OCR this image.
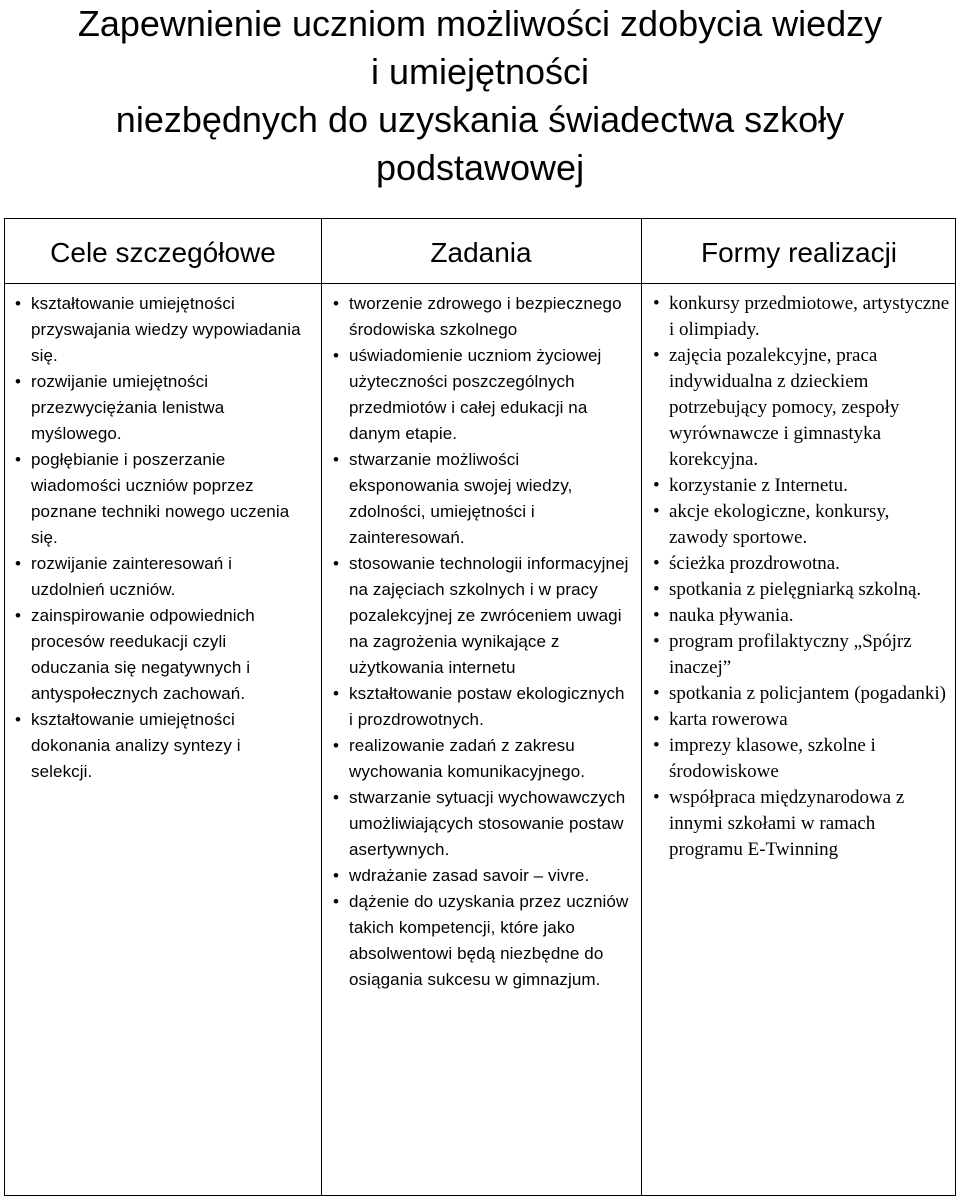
Zapewnienie uczniom możliwości zdobycia wiedzy
i umiejętności
niezbędnych do uzyskania świadectwa szkoły
podstawowej
Cele szczegółowe	Zadania	Formy realizacji
• kształtowanie umiejętności przyswajania wiedzy wypowiadania się.
• rozwijanie umiejętności przezwyciężania lenistwa myślowego.
• pogłębianie i poszerzanie wiadomości uczniów poprzez poznane techniki nowego uczenia się.
• rozwijanie zainteresowań i uzdolnień uczniów.
• zainspirowanie odpowiednich procesów reedukacji czyli oduczania się negatywnych i antyspołecznych zachowań.
• kształtowanie umiejętności dokonania analizy syntezy i selekcji.
• tworzenie zdrowego i bezpiecznego środowiska szkolnego
• uświadomienie uczniom życiowej użyteczności poszczególnych przedmiotów i całej edukacji na danym etapie.
• stwarzanie możliwości eksponowania swojej wiedzy, zdolności, umiejętności i zainteresowań.
• stosowanie technologii informacyjnej na zajęciach szkolnych i w pracy pozalekcyjnej ze zwróceniem uwagi na zagrożenia wynikające z użytkowania internetu
• kształtowanie postaw ekologicznych i prozdrowotnych.
• realizowanie zadań z zakresu wychowania komunikacyjnego.
• stwarzanie sytuacji wychowawczych umożliwiających stosowanie postaw asertywnych.
• wdrażanie zasad savoir – vivre.
• dążenie do uzyskania przez uczniów takich kompetencji, które jako absolwentowi będą niezbędne do osiągania sukcesu w gimnazjum.
• konkursy przedmiotowe, artystyczne i olimpiady.
• zajęcia pozalekcyjne, praca indywidualna z dzieckiem potrzebujący pomocy, zespoły wyrównawcze i gimnastyka korekcyjna.
• korzystanie z Internetu.
• akcje ekologiczne, konkursy, zawody sportowe.
• ścieżka prozdrowotna.
• spotkania z pielęgniarką szkolną.
• nauka pływania.
• program profilaktyczny „Spójrz inaczej”
• spotkania z policjantem (pogadanki)
• karta rowerowa
• imprezy klasowe, szkolne i środowiskowe
• współpraca międzynarodowa z innymi szkołami w ramach programu E-Twinning
